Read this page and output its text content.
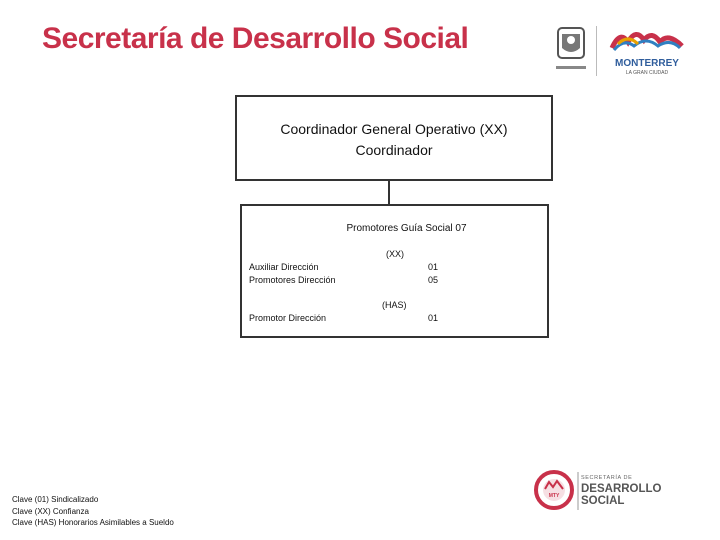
Secretaría de Desarrollo Social
MONTERREY
LA GRAN CIUDAD
Coordinador General Operativo (XX)
Coordinador
Promotores Guía Social 07
(XX)
Auxiliar Dirección	01
Promotores Dirección	05
(HAS)
Promotor Dirección	01
Clave (01) Sindicalizado
Clave (XX) Confianza
Clave (HAS) Honorarios Asimilables a Sueldo
MTY
SECRETARÍA DE
DESARROLLO
SOCIAL
